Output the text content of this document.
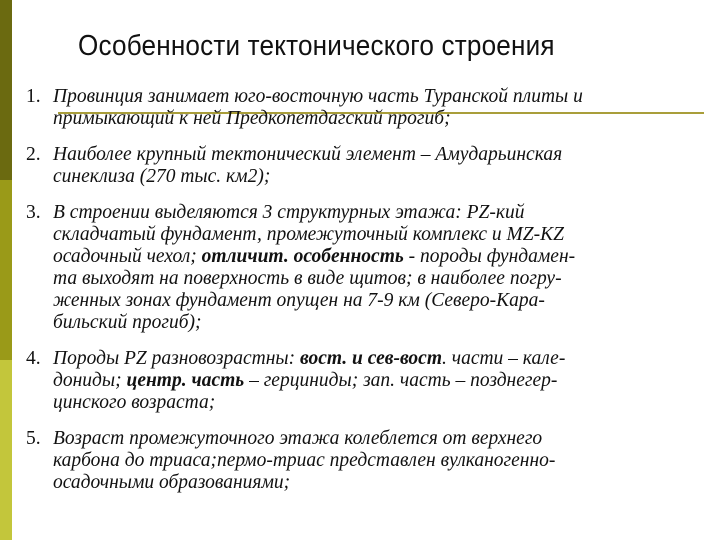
Особенности тектонического строения
1. Провинция занимает юго-восточную часть Туранской плиты и
примыкающий к ней Предкопетдагский прогиб;
2. Наиболее крупный тектонический элемент – Амударьинская
синеклиза (270 тыс. км2);
3. В строении выделяются 3 структурных этажа: PZ-кий
складчатый фундамент, промежуточный комплекс и MZ-KZ
осадочный чехол; отличит. особенность - породы фундамен-
та выходят на поверхность в виде щитов; в наиболее погру-
женных зонах фундамент опущен на 7-9 км (Северо-Кара-
бильский прогиб);
4. Породы PZ разновозрастны: вост. и сев-вост. части – кале-
дониды; центр. часть – герциниды; зап. часть – позднегер-
цинского возраста;
5. Возраст промежуточного этажа колеблется от верхнего
карбона до триаса;пермо-триас представлен вулканогенно-
осадочными образованиями;
